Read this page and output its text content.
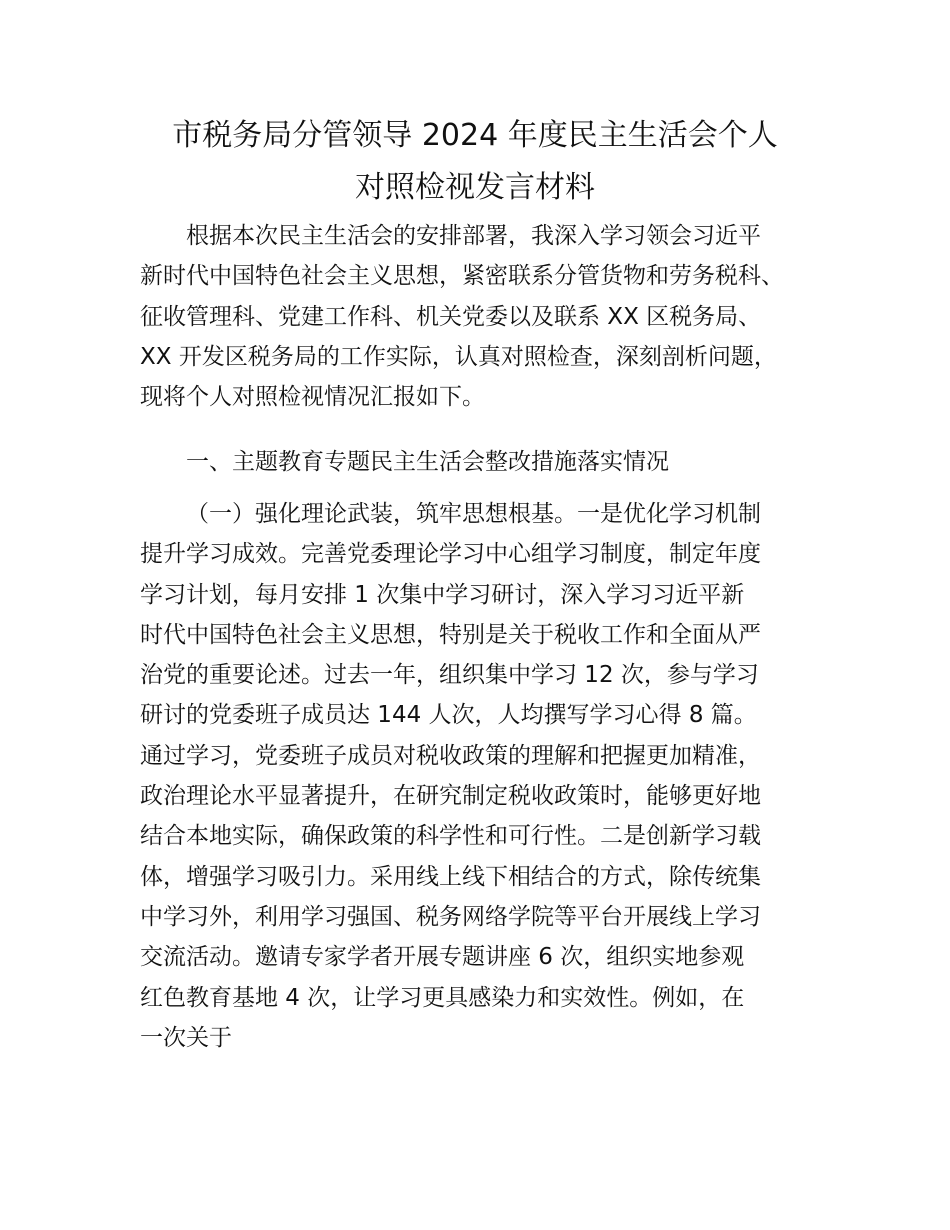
市税务局分管领导 2024 年度民主生活会个人
对照检视发言材料

根据本次民主生活会的安排部署，我深入学习领会习近平
新时代中国特色社会主义思想，紧密联系分管货物和劳务税科、
征收管理科、党建工作科、机关党委以及联系 XX 区税务局、
XX 开发区税务局的工作实际，认真对照检查，深刻剖析问题，
现将个人对照检视情况汇报如下。

一、主题教育专题民主生活会整改措施落实情况

（一）强化理论武装，筑牢思想根基。一是优化学习机制
提升学习成效。完善党委理论学习中心组学习制度，制定年度
学习计划，每月安排 1 次集中学习研讨，深入学习习近平新
时代中国特色社会主义思想，特别是关于税收工作和全面从严
治党的重要论述。过去一年，组织集中学习 12 次，参与学习
研讨的党委班子成员达 144 人次，人均撰写学习心得 8 篇。
通过学习，党委班子成员对税收政策的理解和把握更加精准，
政治理论水平显著提升，在研究制定税收政策时，能够更好地
结合本地实际，确保政策的科学性和可行性。二是创新学习载
体，增强学习吸引力。采用线上线下相结合的方式，除传统集
中学习外，利用学习强国、税务网络学院等平台开展线上学习
交流活动。邀请专家学者开展专题讲座 6 次，组织实地参观
红色教育基地 4 次，让学习更具感染力和实效性。例如，在
一次关于
